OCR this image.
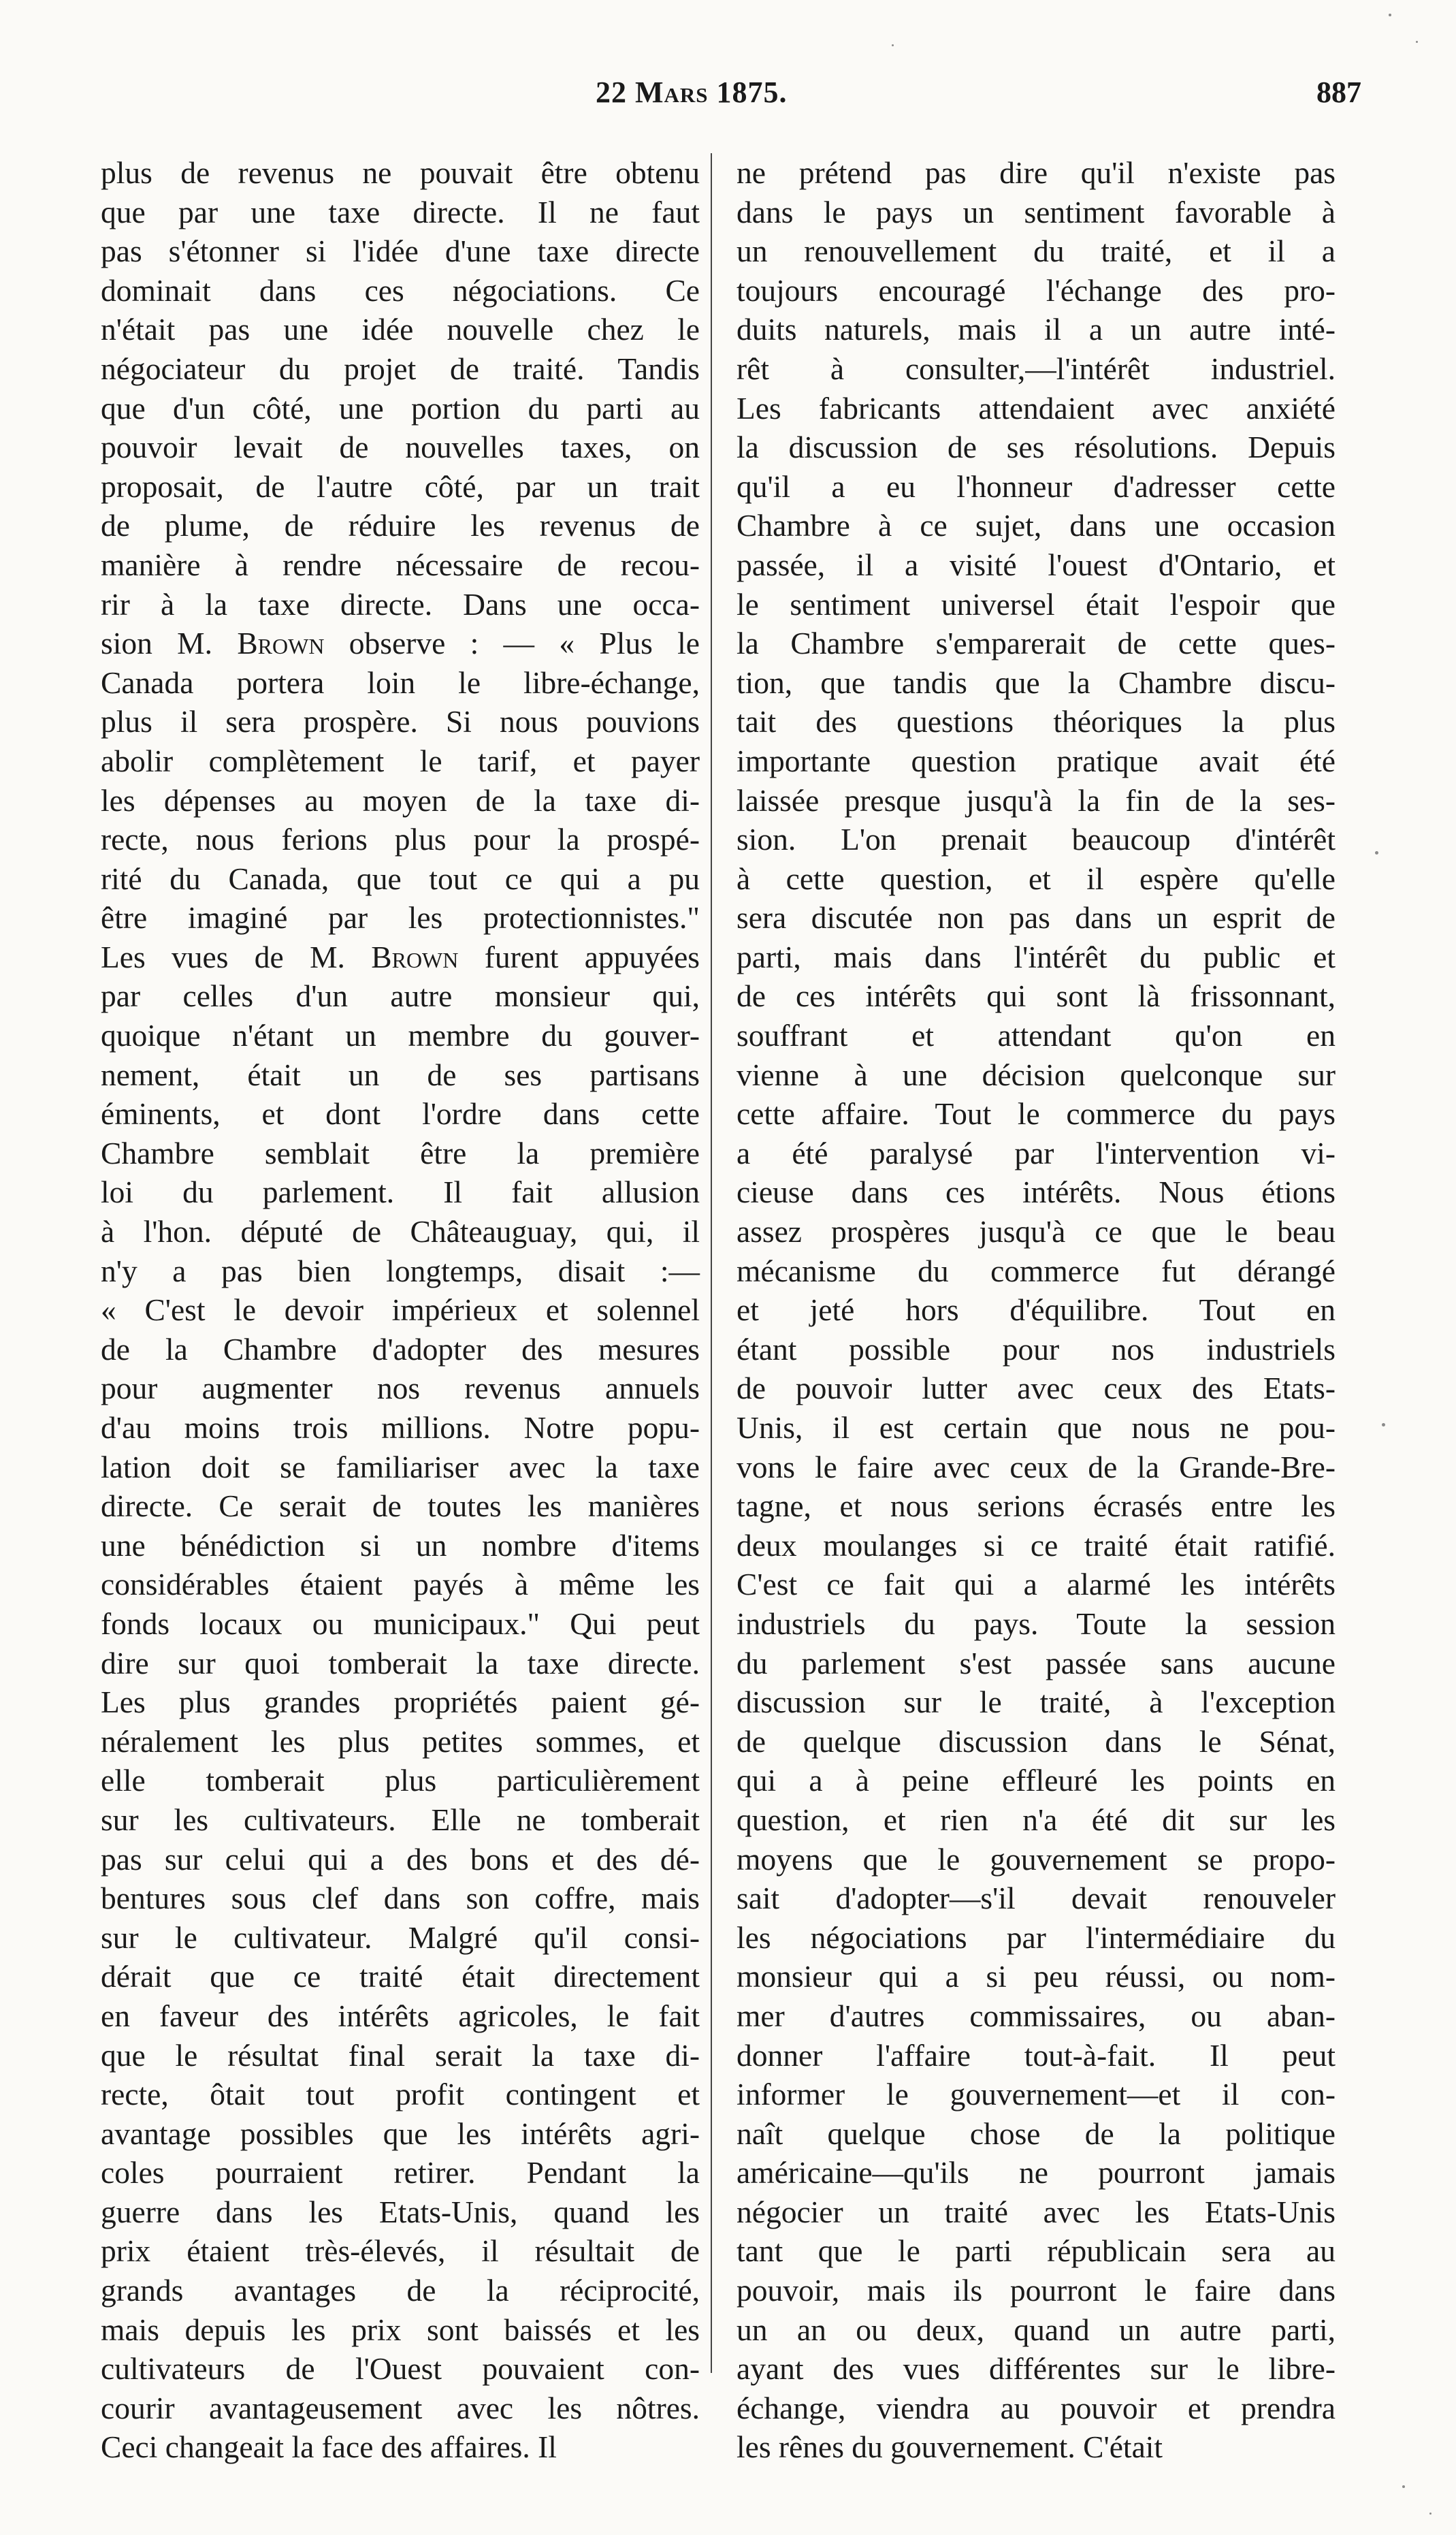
22 Mars 1875.	887
plus de revenus ne pouvait être obtenu
que par une taxe directe. Il ne faut
pas s'étonner si l'idée d'une taxe directe
dominait dans ces négociations. Ce
n'était pas une idée nouvelle chez le
négociateur du projet de traité. Tandis
que d'un côté, une portion du parti au
pouvoir levait de nouvelles taxes, on
proposait, de l'autre côté, par un trait
de plume, de réduire les revenus de
manière à rendre nécessaire de recou-
rir à la taxe directe. Dans une occa-
sion M. Brown observe : — « Plus le
Canada portera loin le libre-échange,
plus il sera prospère. Si nous pouvions
abolir complètement le tarif, et payer
les dépenses au moyen de la taxe di-
recte, nous ferions plus pour la prospé-
rité du Canada, que tout ce qui a pu
être imaginé par les protectionnistes."
Les vues de M. Brown furent appuyées
par celles d'un autre monsieur qui,
quoique n'étant un membre du gouver-
nement, était un de ses partisans
éminents, et dont l'ordre dans cette
Chambre semblait être la première
loi du parlement. Il fait allusion
à l'hon. député de Châteauguay, qui, il
n'y a pas bien longtemps, disait :—
« C'est le devoir impérieux et solennel
de la Chambre d'adopter des mesures
pour augmenter nos revenus annuels
d'au moins trois millions. Notre popu-
lation doit se familiariser avec la taxe
directe. Ce serait de toutes les manières
une bénédiction si un nombre d'items
considérables étaient payés à même les
fonds locaux ou municipaux." Qui peut
dire sur quoi tomberait la taxe directe.
Les plus grandes propriétés paient gé-
néralement les plus petites sommes, et
elle tomberait plus particulièrement
sur les cultivateurs. Elle ne tomberait
pas sur celui qui a des bons et des dé-
bentures sous clef dans son coffre, mais
sur le cultivateur. Malgré qu'il consi-
dérait que ce traité était directement
en faveur des intérêts agricoles, le fait
que le résultat final serait la taxe di-
recte, ôtait tout profit contingent et
avantage possibles que les intérêts agri-
coles pourraient retirer. Pendant la
guerre dans les Etats-Unis, quand les
prix étaient très-élevés, il résultait de
grands avantages de la réciprocité,
mais depuis les prix sont baissés et les
cultivateurs de l'Ouest pouvaient con-
courir avantageusement avec les nôtres.
Ceci changeait la face des affaires. Il
ne prétend pas dire qu'il n'existe pas
dans le pays un sentiment favorable à
un renouvellement du traité, et il a
toujours encouragé l'échange des pro-
duits naturels, mais il a un autre inté-
rêt à consulter,—l'intérêt industriel.
Les fabricants attendaient avec anxiété
la discussion de ses résolutions. Depuis
qu'il a eu l'honneur d'adresser cette
Chambre à ce sujet, dans une occasion
passée, il a visité l'ouest d'Ontario, et
le sentiment universel était l'espoir que
la Chambre s'emparerait de cette ques-
tion, que tandis que la Chambre discu-
tait des questions théoriques la plus
importante question pratique avait été
laissée presque jusqu'à la fin de la ses-
sion. L'on prenait beaucoup d'intérêt
à cette question, et il espère qu'elle
sera discutée non pas dans un esprit de
parti, mais dans l'intérêt du public et
de ces intérêts qui sont là frissonnant,
souffrant et attendant qu'on en
vienne à une décision quelconque sur
cette affaire. Tout le commerce du pays
a été paralysé par l'intervention vi-
cieuse dans ces intérêts. Nous étions
assez prospères jusqu'à ce que le beau
mécanisme du commerce fut dérangé
et jeté hors d'équilibre. Tout en
étant possible pour nos industriels
de pouvoir lutter avec ceux des Etats-
Unis, il est certain que nous ne pou-
vons le faire avec ceux de la Grande-Bre-
tagne, et nous serions écrasés entre les
deux moulanges si ce traité était ratifié.
C'est ce fait qui a alarmé les intérêts
industriels du pays. Toute la session
du parlement s'est passée sans aucune
discussion sur le traité, à l'exception
de quelque discussion dans le Sénat,
qui a à peine effleuré les points en
question, et rien n'a été dit sur les
moyens que le gouvernement se propo-
sait d'adopter—s'il devait renouveler
les négociations par l'intermédiaire du
monsieur qui a si peu réussi, ou nom-
mer d'autres commissaires, ou aban-
donner l'affaire tout-à-fait. Il peut
informer le gouvernement—et il con-
naît quelque chose de la politique
américaine—qu'ils ne pourront jamais
négocier un traité avec les Etats-Unis
tant que le parti républicain sera au
pouvoir, mais ils pourront le faire dans
un an ou deux, quand un autre parti,
ayant des vues différentes sur le libre-
échange, viendra au pouvoir et prendra
les rênes du gouvernement. C'était
